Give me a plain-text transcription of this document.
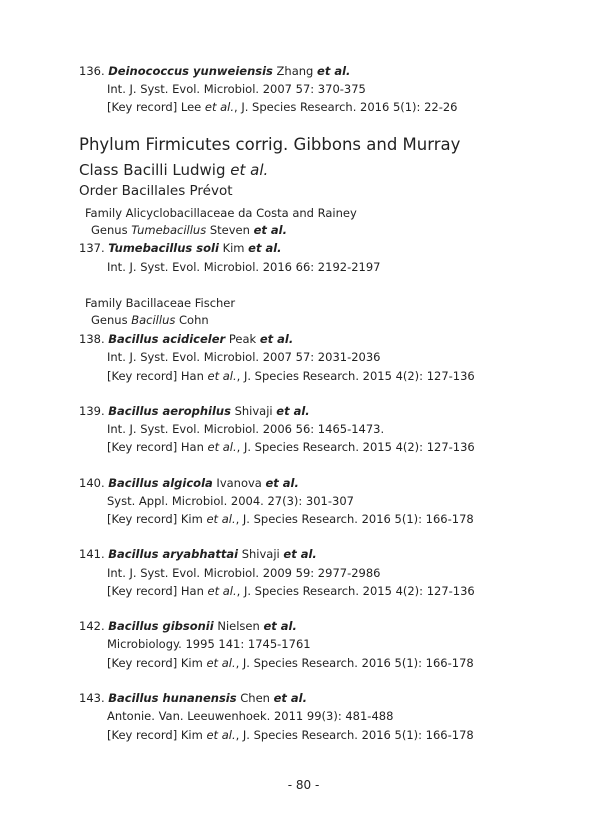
136. Deinococcus yunweiensis Zhang et al.
Int. J. Syst. Evol. Microbiol. 2007 57: 370-375
[Key record] Lee et al., J. Species Research. 2016 5(1): 22-26
Phylum Firmicutes corrig. Gibbons and Murray
Class Bacilli Ludwig et al.
Order Bacillales Prévot
Family Alicyclobacillaceae da Costa and Rainey
Genus Tumebacillus Steven et al.
137. Tumebacillus soli Kim et al.
Int. J. Syst. Evol. Microbiol. 2016 66: 2192-2197
Family Bacillaceae Fischer
Genus Bacillus Cohn
138. Bacillus acidiceler Peak et al.
Int. J. Syst. Evol. Microbiol. 2007 57: 2031-2036
[Key record] Han et al., J. Species Research. 2015 4(2): 127-136
139. Bacillus aerophilus Shivaji et al.
Int. J. Syst. Evol. Microbiol. 2006 56: 1465-1473.
[Key record] Han et al., J. Species Research. 2015 4(2): 127-136
140. Bacillus algicola Ivanova et al.
Syst. Appl. Microbiol. 2004. 27(3): 301-307
[Key record] Kim et al., J. Species Research. 2016 5(1): 166-178
141. Bacillus aryabhattai Shivaji et al.
Int. J. Syst. Evol. Microbiol. 2009 59: 2977-2986
[Key record] Han et al., J. Species Research. 2015 4(2): 127-136
142. Bacillus gibsonii Nielsen et al.
Microbiology. 1995 141: 1745-1761
[Key record] Kim et al., J. Species Research. 2016 5(1): 166-178
143. Bacillus hunanensis Chen et al.
Antonie. Van. Leeuwenhoek. 2011 99(3): 481-488
[Key record] Kim et al., J. Species Research. 2016 5(1): 166-178
- 80 -
